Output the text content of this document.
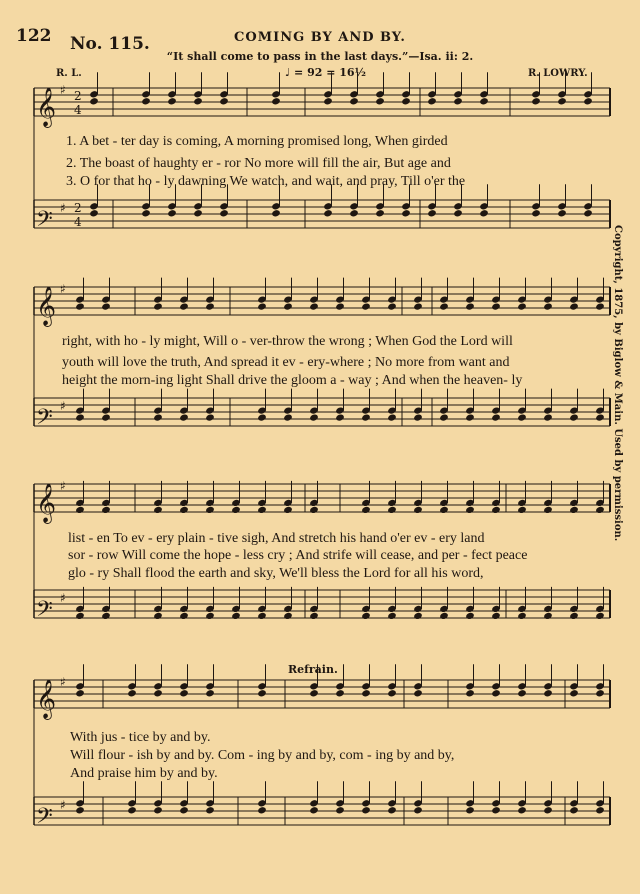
122 No. 115.	COMING BY AND BY.
“It shall come to pass in the last days.”—Isa. ii: 2.
R. L.	♩ = 92 = 16½	R. LOWRY.
Copyright, 1875, by Biglow & Main. Used by permission.
Refrain.
1. A bet - ter day is coming, A morning promised long, When girded
2. The boast of haughty er - ror No more will fill the air, But age and
3. O for that ho - ly dawning We watch, and wait, and pray, Till o'er the
right, with ho - ly might, Will o - ver-throw the wrong ; When God the Lord will
youth will love the truth, And spread it ev - ery-where ; No more from want and
height the morn-ing light Shall drive the gloom a - way ; And when the heaven- ly
list - en To ev - ery plain - tive sigh, And stretch his hand o'er ev - ery land
sor - row Will come the hope - less cry ; And strife will cease, and per - fect peace
glo - ry Shall flood the earth and sky, We'll bless the Lord for all his word,
With jus - tice by and by.
Will flour - ish by and by. Com - ing by and by, com - ing by and by,
And praise him by and by.
𝄞 ♯ 2
4
𝄢 ♯ 2
4
𝄞 ♯
𝄢 ♯
𝄞 ♯
𝄢 ♯
𝄞 ♯
𝄢 ♯
